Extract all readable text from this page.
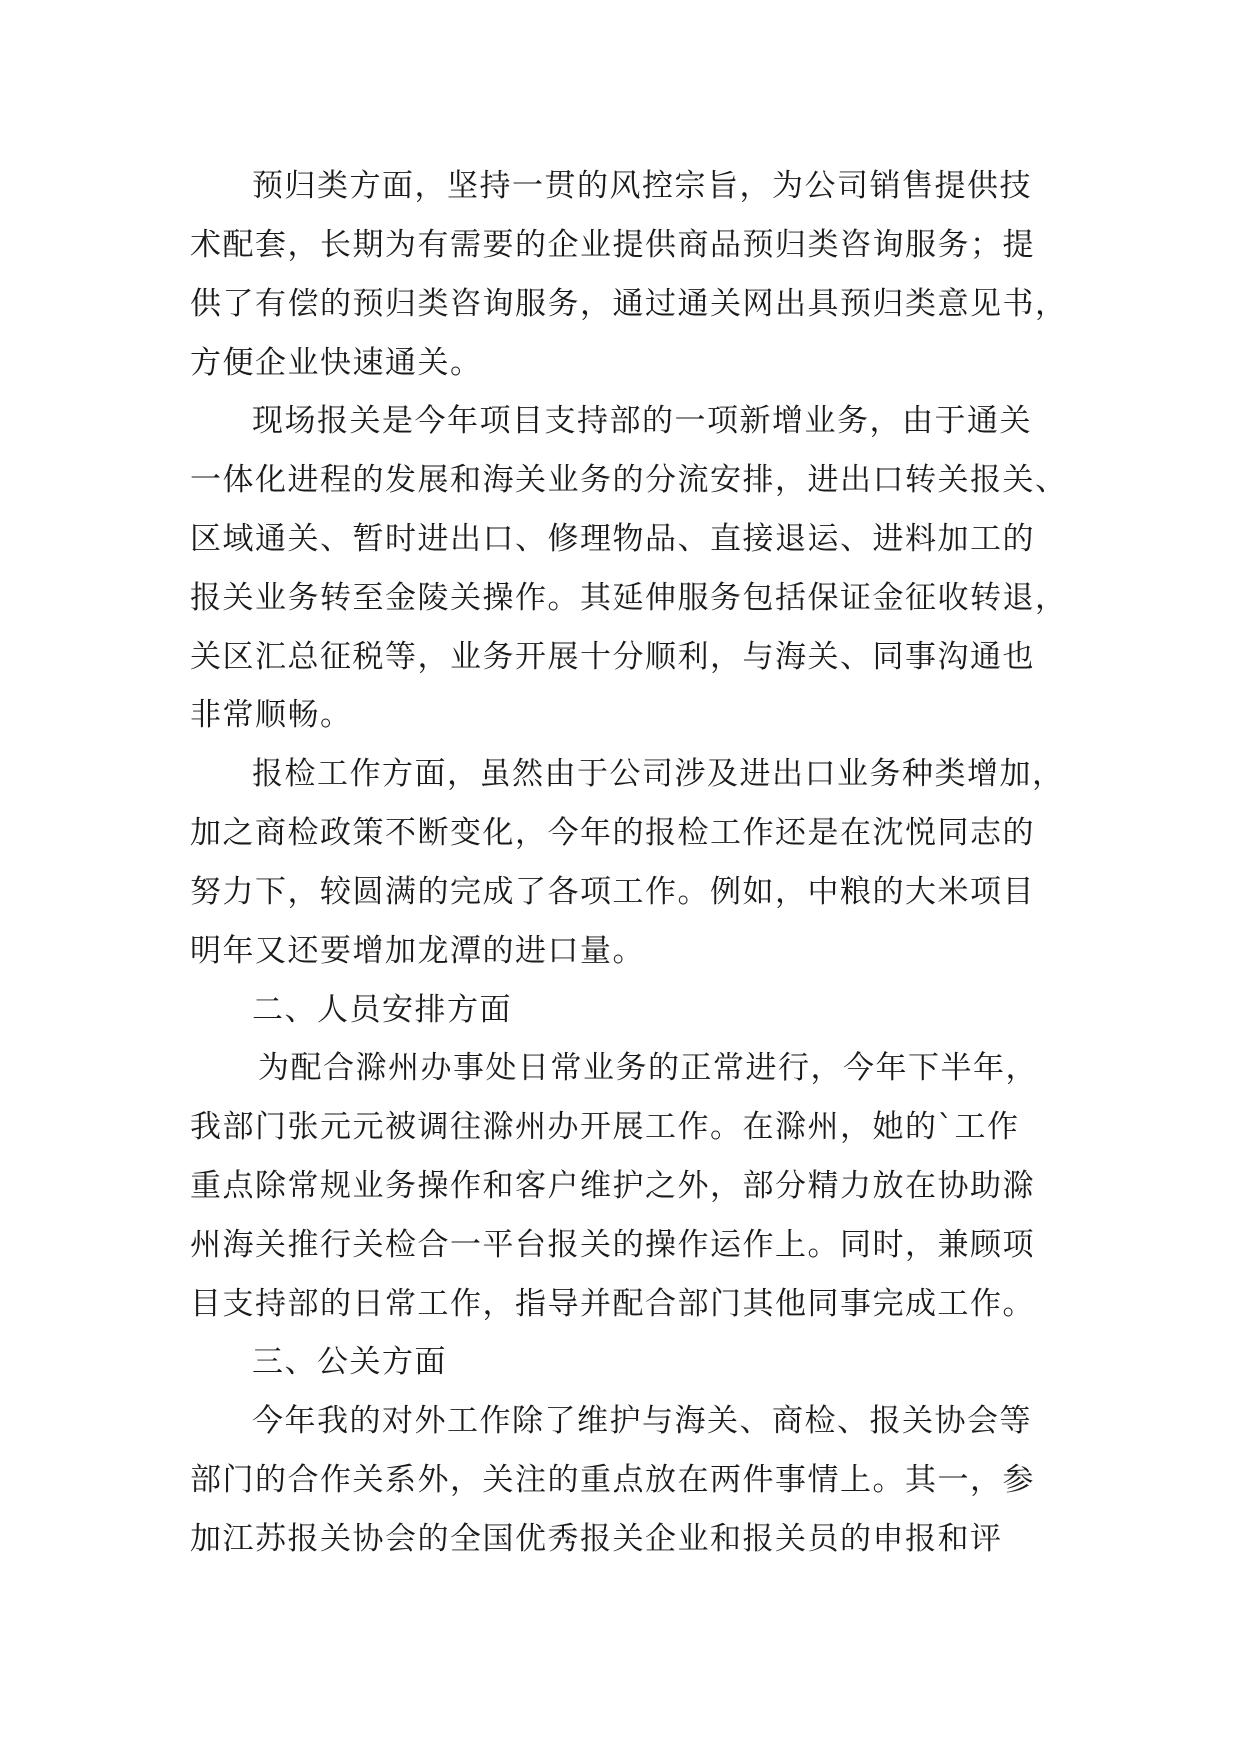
预归类方面，坚持一贯的风控宗旨，为公司销售提供技
术配套，长期为有需要的企业提供商品预归类咨询服务；提
供了有偿的预归类咨询服务，通过通关网出具预归类意见书，
方便企业快速通关。
现场报关是今年项目支持部的一项新增业务，由于通关
一体化进程的发展和海关业务的分流安排，进出口转关报关、
区域通关、暂时进出口、修理物品、直接退运、进料加工的
报关业务转至金陵关操作。其延伸服务包括保证金征收转退，
关区汇总征税等，业务开展十分顺利，与海关、同事沟通也
非常顺畅。
报检工作方面，虽然由于公司涉及进出口业务种类增加，
加之商检政策不断变化，今年的报检工作还是在沈悦同志的
努力下，较圆满的完成了各项工作。例如，中粮的大米项目
明年又还要增加龙潭的进口量。
二、人员安排方面
为配合滁州办事处日常业务的正常进行，今年下半年，
我部门张元元被调往滁州办开展工作。在滁州，她的`工作
重点除常规业务操作和客户维护之外，部分精力放在协助滁
州海关推行关检合一平台报关的操作运作上。同时，兼顾项
目支持部的日常工作，指导并配合部门其他同事完成工作。
三、公关方面
今年我的对外工作除了维护与海关、商检、报关协会等
部门的合作关系外，关注的重点放在两件事情上。其一，参
加江苏报关协会的全国优秀报关企业和报关员的申报和评
